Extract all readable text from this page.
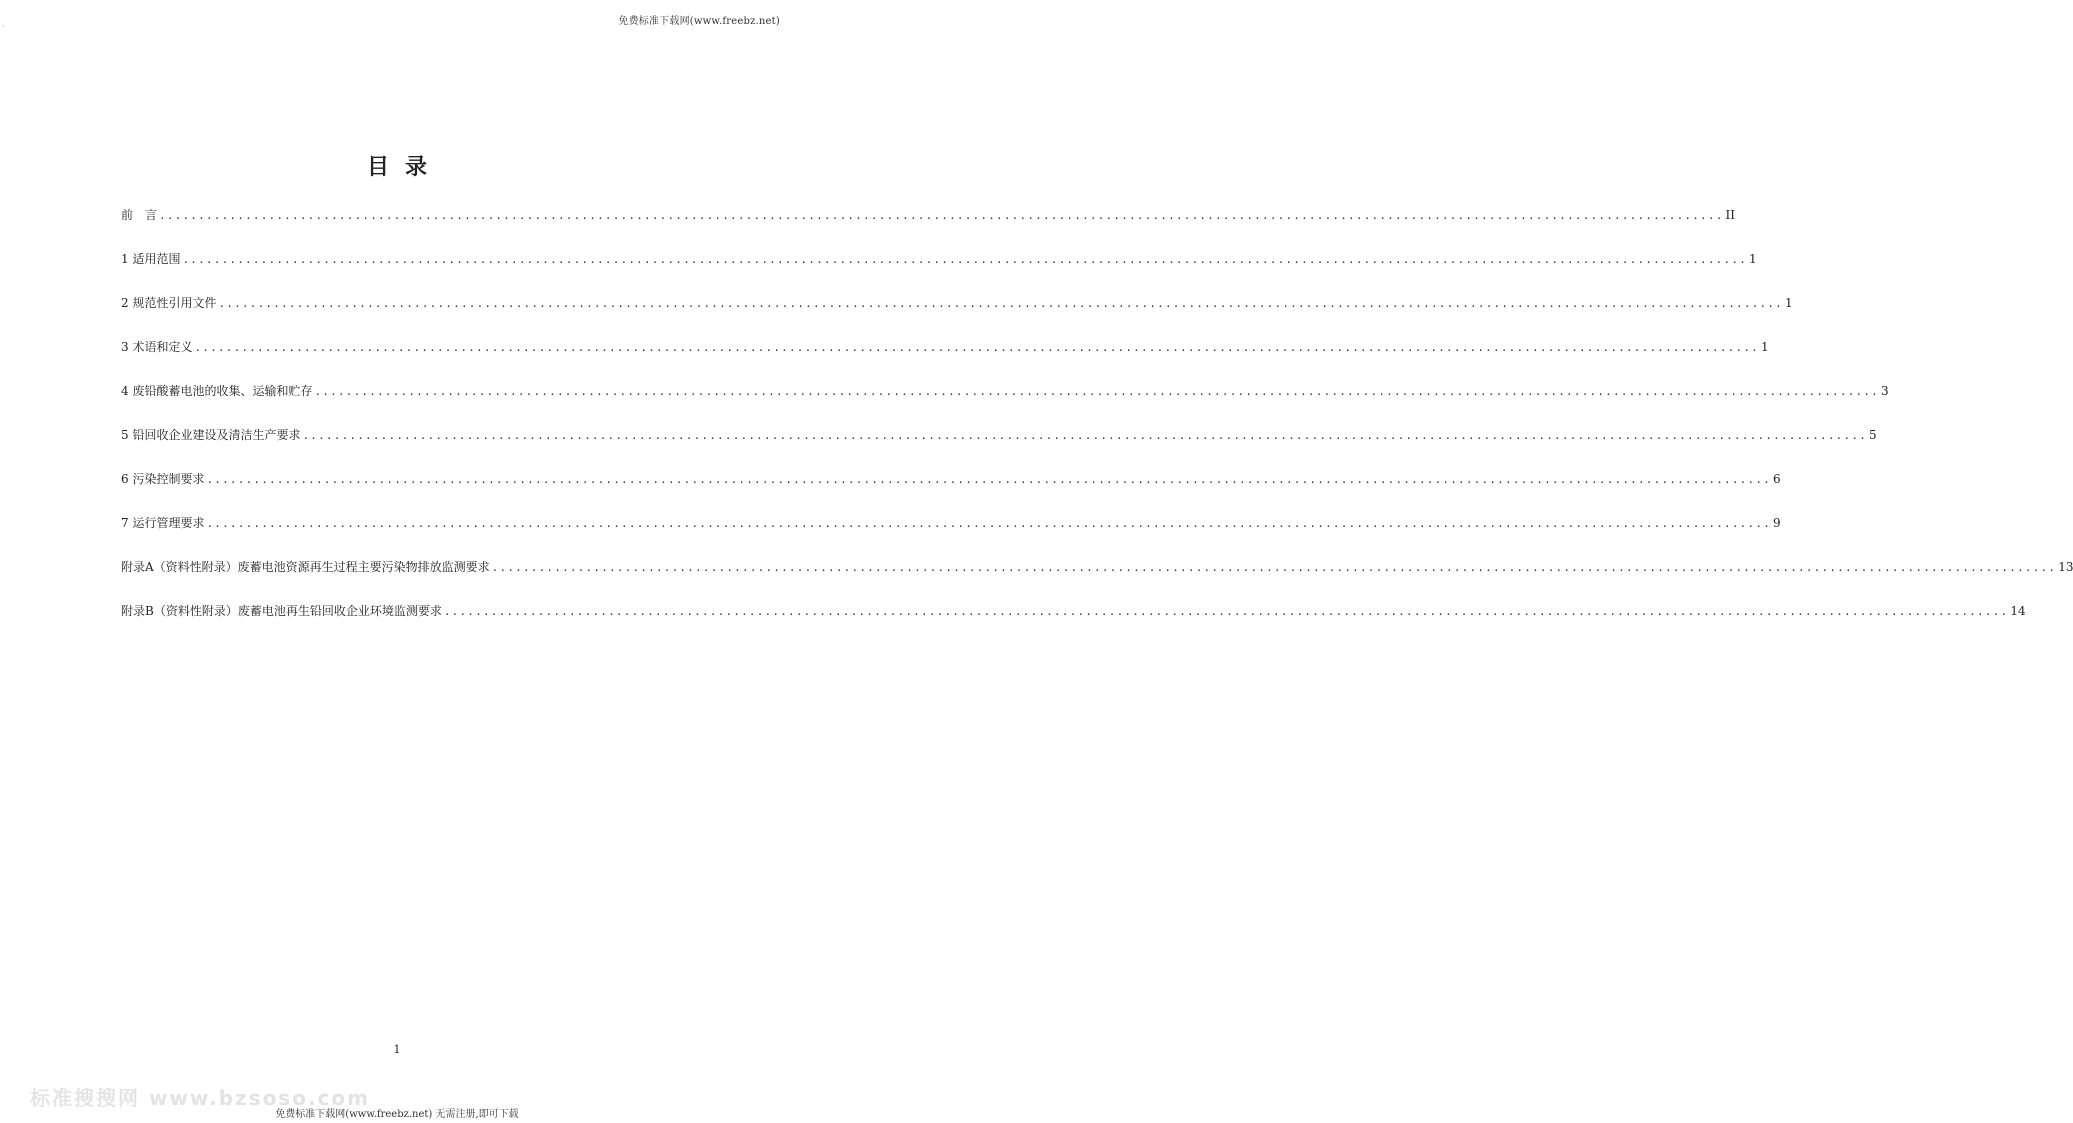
免费标准下载网(www.freebz.net)
·
目录
前　言 ........................................................................................................................................................................................................ II
1 适用范围 ........................................................................................................................................................................................................ 1
2 规范性引用文件 ........................................................................................................................................................................................................ 1
3 术语和定义 ........................................................................................................................................................................................................ 1
4 废铅酸蓄电池的收集、运输和贮存 ........................................................................................................................................................................................................ 3
5 铅回收企业建设及清洁生产要求 ........................................................................................................................................................................................................ 5
6 污染控制要求 ........................................................................................................................................................................................................ 6
7 运行管理要求 ........................................................................................................................................................................................................ 9
附录A（资料性附录）废蓄电池资源再生过程主要污染物排放监测要求 ........................................................................................................................................................................................................ 13
附录B（资料性附录）废蓄电池再生铅回收企业环境监测要求 ........................................................................................................................................................................................................ 14
1
标准搜搜网 www.bzsoso.com
免费标准下载网(www.freebz.net) 无需注册,即可下载
